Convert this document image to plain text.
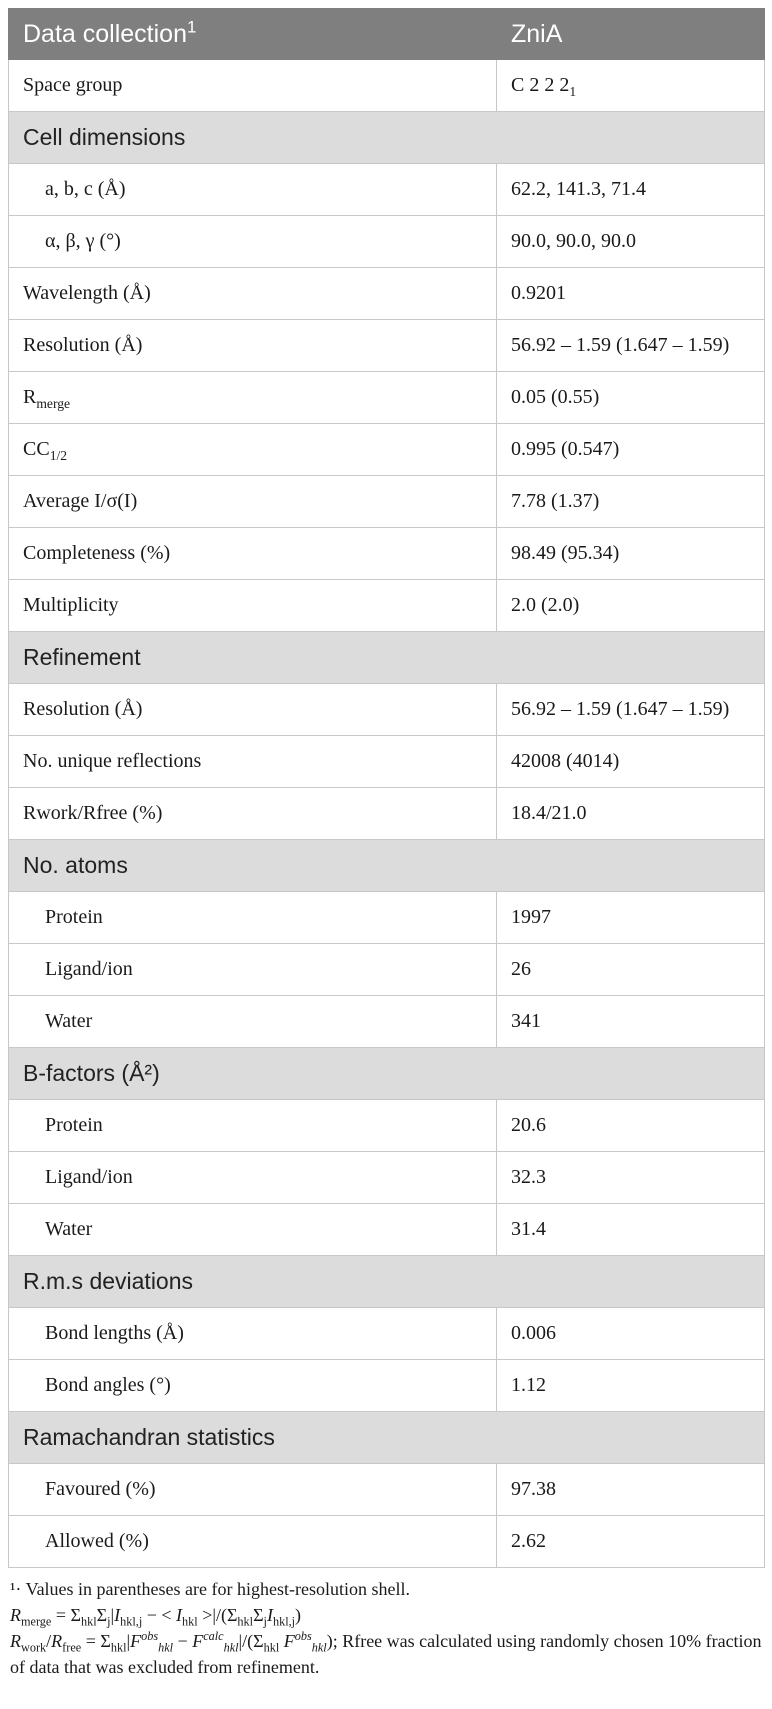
Data collection$^1$	ZniA
Space group	C 2 2 $2_1$
Cell dimensions	
a, b, c (Å)	62.2, 141.3, 71.4
α, β, γ (°)	90.0, 90.0, 90.0
Wavelength (Å)	0.9201
Resolution (Å)	56.92 – 1.59 (1.647 – 1.59)
$R_{merge}$	0.05 (0.55)
$CC_{1/2}$	0.995 (0.547)
Average I/σ(I)	7.78 (1.37)
Completeness (%)	98.49 (95.34)
Multiplicity	2.0 (2.0)
Refinement	
Resolution (Å)	56.92 – 1.59 (1.647 – 1.59)
No. unique reflections	42008 (4014)
Rwork/Rfree (%)	18.4/21.0
No. atoms	
Protein	1997
Ligand/ion	26
Water	341
B-factors (Å²)	
Protein	20.6
Ligand/ion	32.3
Water	31.4
R.m.s deviations	
Bond lengths (Å)	0.006
Bond angles (°)	1.12
Ramachandran statistics	
Favoured (%)	97.38
Allowed (%)	2.62
¹· Values in parentheses are for highest-resolution shell.
$R_{merge} = \Sigma_{hkl}\Sigma_j|I_{hkl,j}$ − < $I_{hkl} >|/(\Sigma_{hkl}\Sigma_jI_{hkl,j})$
$R_{work}/R_{free} = \Sigma_{hkl}|F^{obs}_{hkl} - F^{calc}_{hkl}|/(\Sigma_{hkl}$ $F^{obs}_{hkl}$); Rfree was calculated using randomly chosen 10% fraction of data that was excluded from refinement.
